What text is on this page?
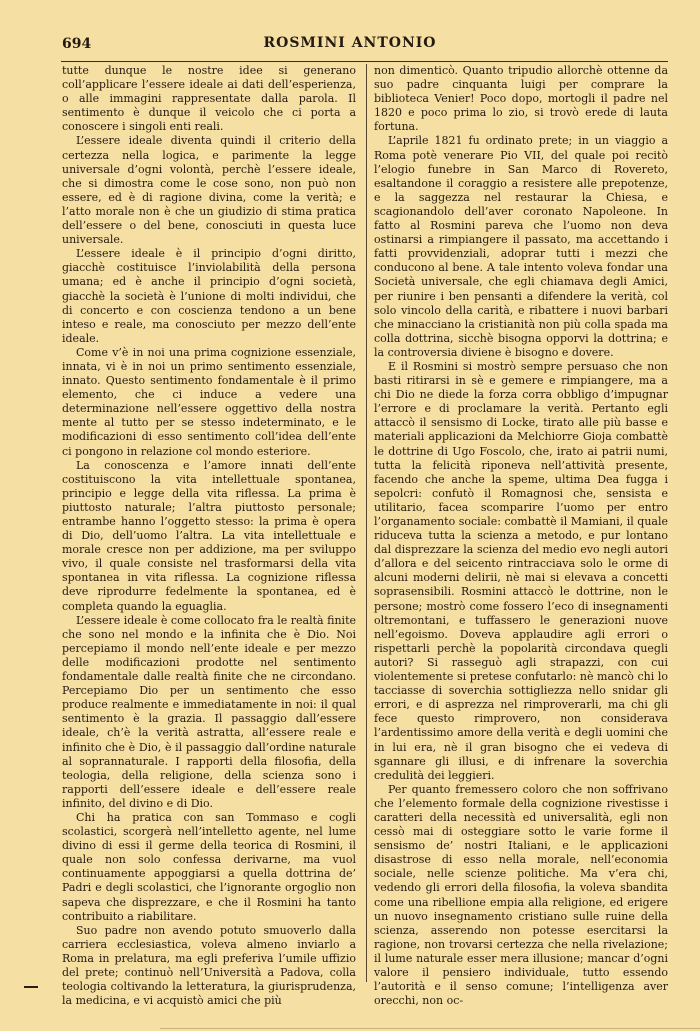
694	ROSMINI ANTONIO

tutte dunque le nostre idee si generano coll’applicare l’essere ideale ai dati dell’esperienza, o alle immagini rappresentate dalla parola. Il sentimento è dunque il veicolo che ci porta a conoscere i singoli enti reali.

L’essere ideale diventa quindi il criterio della certezza nella logica, e parimente la legge universale d’ogni volontà, perchè l’essere ideale, che si dimostra come le cose sono, non può non essere, ed è di ragione divina, come la verità; e l’atto morale non è che un giudizio di stima pratica dell’essere o del bene, conosciuti in questa luce universale.

L’essere ideale è il principio d’ogni diritto, giacchè costituisce l’inviolabilità della persona umana; ed è anche il principio d’ogni società, giacchè la società è l’unione di molti individui, che di concerto e con coscienza tendono a un bene inteso e reale, ma conosciuto per mezzo dell’ente ideale.

Come v’è in noi una prima cognizione essenziale, innata, vi è in noi un primo sentimento essenziale, innato. Questo sentimento fondamentale è il primo elemento, che ci induce a vedere una determinazione nell’essere oggettivo della nostra mente al tutto per se stesso indeterminato, e le modificazioni di esso sentimento coll’idea dell’ente ci pongono in relazione col mondo esteriore.

La conoscenza e l’amore innati dell’ente costituiscono la vita intellettuale spontanea, principio e legge della vita riflessa. La prima è piuttosto naturale; l’altra piuttosto personale; entrambe hanno l’oggetto stesso: la prima è opera di Dio, dell’uomo l’altra. La vita intellettuale e morale cresce non per addizione, ma per sviluppo vivo, il quale consiste nel trasformarsi della vita spontanea in vita riflessa. La cognizione riflessa deve riprodurre fedelmente la spontanea, ed è completa quando la eguaglia.

L’essere ideale è come collocato fra le realtà finite che sono nel mondo e la infinita che è Dio. Noi percepiamo il mondo nell’ente ideale e per mezzo delle modificazioni prodotte nel sentimento fondamentale dalle realtà finite che ne circondano. Percepiamo Dio per un sentimento che esso produce realmente e immediatamente in noi: il qual sentimento è la grazia. Il passaggio dall’essere ideale, ch’è la verità astratta, all’essere reale e infinito che è Dio, è il passaggio dall’ordine naturale al soprannaturale. I rapporti della filosofia, della teologia, della religione, della scienza sono i rapporti dell’essere ideale e dell’essere reale infinito, del divino e di Dio.

Chi ha pratica con san Tommaso e cogli scolastici, scorgerà nell’intelletto agente, nel lume divino di essi il germe della teorica di Rosmini, il quale non solo confessa derivarne, ma vuol continuamente appoggiarsi a quella dottrina de’ Padri e degli scolastici, che l’ignorante orgoglio non sapeva che disprezzare, e che il Rosmini ha tanto contribuito a riabilitare.

Suo padre non avendo potuto smuoverlo dalla carriera ecclesiastica, voleva almeno inviarlo a Roma in prelatura, ma egli preferiva l’umile uffizio del prete; continuò nell’Università a Padova, colla teologia coltivando la letteratura, la giurisprudenza, la medicina, e vi acquistò amici che più

non dimenticò. Quanto tripudio allorchè ottenne da suo padre cinquanta luigi per comprare la biblioteca Venier! Poco dopo, mortogli il padre nel 1820 e poco prima lo zio, si trovò erede di lauta fortuna.

L’aprile 1821 fu ordinato prete; in un viaggio a Roma potè venerare Pio VII, del quale poi recitò l’elogio funebre in San Marco di Rovereto, esaltandone il coraggio a resistere alle prepotenze, e la saggezza nel restaurar la Chiesa, e scagionandolo dell’aver coronato Napoleone. In fatto al Rosmini pareva che l’uomo non deva ostinarsi a rimpiangere il passato, ma accettando i fatti provvidenziali, adoprar tutti i mezzi che conducono al bene. A tale intento voleva fondar una Società universale, che egli chiamava degli Amici, per riunire i ben pensanti a difendere la verità, col solo vincolo della carità, e ribattere i nuovi barbari che minacciano la cristianità non più colla spada ma colla dottrina, sicchè bisogna opporvi la dottrina; e la controversia diviene è bisogno e dovere.

E il Rosmini si mostrò sempre persuaso che non basti ritirarsi in sè e gemere e rimpiangere, ma a chi Dio ne diede la forza corra obbligo d’impugnar l’errore e di proclamare la verità. Pertanto egli attaccò il sensismo di Locke, tirato alle più basse e materiali applicazioni da Melchiorre Gioja combattè le dottrine di Ugo Foscolo, che, irato ai patrii numi, tutta la felicità riponeva nell’attività presente, facendo che anche la speme, ultima Dea fugga i sepolcri: confutò il Romagnosi che, sensista e utilitario, facea scomparire l’uomo per entro l’organamento sociale: combattè il Mamiani, il quale riduceva tutta la scienza a metodo, e pur lontano dal disprezzare la scienza del medio evo negli autori d’allora e del seicento rintracciava solo le orme di alcuni moderni delirii, nè mai si elevava a concetti soprasensibili. Rosmini attaccò le dottrine, non le persone; mostrò come fossero l’eco di insegnamenti oltremontani, e tuffassero le generazioni nuove nell’egoismo. Doveva applaudire agli errori o rispettarli perchè la popolarità circondava quegli autori? Si rasseguò agli strapazzi, con cui violentemente si pretese confutarlo: nè mancò chi lo tacciasse di soverchia sottigliezza nello snidar gli errori, e di asprezza nel rimproverarli, ma chi gli fece questo rimprovero, non considerava l’ardentissimo amore della verità e degli uomini che in lui era, nè il gran bisogno che ei vedeva di sgannare gli illusi, e di infrenare la soverchia credulità dei leggieri.

Per quanto fremessero coloro che non soffrivano che l’elemento formale della cognizione rivestisse i caratteri della necessità ed universalità, egli non cessò mai di osteggiare sotto le varie forme il sensismo de’ nostri Italiani, e le applicazioni disastrose di esso nella morale, nell’economia sociale, nelle scienze politiche. Ma v’era chi, vedendo gli errori della filosofia, la voleva sbandita come una ribellione empia alla religione, ed erigere un nuovo insegnamento cristiano sulle ruine della scienza, asserendo non potesse esercitarsi la ragione, non trovarsi certezza che nella rivelazione; il lume naturale esser mera illusione; mancar d’ogni valore il pensiero individuale, tutto essendo l’autorità e il senso comune; l’intelligenza aver orecchi, non oc-
